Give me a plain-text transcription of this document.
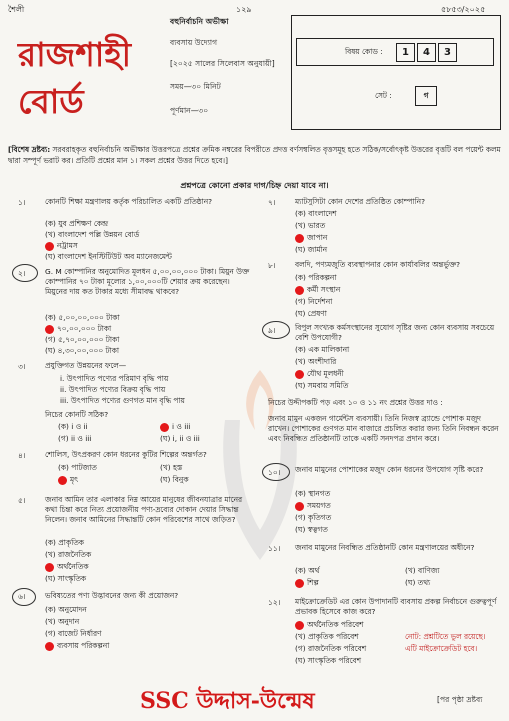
শৈলী	১২৯	৫৮৫৩/২০২৫
রাজশাহী
বোর্ড
বহুনির্বাচনি অভীক্ষা
ব্যবসায় উদ্যোগ
[২০২৫ সালের সিলেবাস অনুযায়ী]
সময়—৩০ মিনিট
পূর্ণমান—৩০
বিষয় কোড :	1	4	3
সেট :	গ
[বিশেষ দ্রষ্টব্য: সরবরাহকৃত বহুনির্বাচনি অভীক্ষার উত্তরপত্রে প্রশ্নের ক্রমিক নম্বরের বিপরীতে প্রদত্ত বর্ণসম্বলিত বৃত্তসমূহ হতে সঠিক/সর্বোৎকৃষ্ট উত্তরের বৃত্তটি বল পয়েন্ট কলম দ্বারা সম্পূর্ণ ভরাট কর। প্রতিটি প্রশ্নের মান ১। সকল প্রশ্নের উত্তর দিতে হবে।]
প্রশ্নপত্রে কোনো প্রকার দাগ/চিহ্ন দেয়া যাবে না।
১।	কোনটি শিক্ষা মন্ত্রণালয় কর্তৃক পরিচালিত একটি প্রতিষ্ঠান?
(ক) যুব প্রশিক্ষণ কেন্দ্র
(খ) বাংলাদেশ পল্লি উন্নয়ন বোর্ড
নট্রামস
(ঘ) বাংলাদেশ ইনস্টিটিউট অব ম্যানেজমেন্ট
২।	G. M কোম্পানির অনুমোদিত মূলধন ৫,০০,০০,০০০ টাকা। মিয়ুন উক্ত কোম্পানির ৭০ টাকা মূল্যের ১,০০,০০০টি শেয়ার ক্রয় করেছেন। মিয়ুনের দায় কত টাকার মধ্যে সীমাবদ্ধ থাকবে?
(ক) ৫,০০,০০,০০০ টাকা
৭০,০০,০০০ টাকা
(গ) ৫,৭০,০০,০০০ টাকা
(ঘ) ৪,৩০,০০,০০০ টাকা
৩।	প্রযুক্তিগত উন্নয়নের ফলে—
i. উৎপাদিত পণ্যের পরিমাণ বৃদ্ধি পায়
ii. উৎপাদিত পণ্যের বিক্রয় বৃদ্ধি পায়
iii. উৎপাদিত পণ্যের গুণগত মান বৃদ্ধি পায়
নিচের কোনটি সঠিক?
(ক) i ও ii	i ও iii
(গ) ii ও iii	(ঘ) i, ii ও iii
৪।	শোলিস, উৎপ্রকরণ কোন ধরনের কুটির শিল্পের অন্তর্গত?
(ক) পাটজাত	(খ) হস্ত
মৃৎ	(ঘ) বিনুক
৫।	জনাব আমিন তার এলাকার নিম্ন আয়ের মানুষের জীবনযাত্রার মানের কথা চিন্তা করে নিত্য প্রয়োজনীয় পণ্য-দ্রব্যের দোকান দেয়ার সিদ্ধান্ত নিলেন। জনাব আমিনের সিদ্ধান্তটি কোন পরিবেশের সাথে জড়িত?
(ক) প্রাকৃতিক
(খ) রাজনৈতিক
অর্থনৈতিক
(ঘ) সাংস্কৃতিক
৬।	ভবিষ্যতের পণ্য উদ্ভাবনের জন্য কী প্রয়োজন?
(ক) অনুমোদন
(খ) অনুদান
(গ) বাজেট নির্ধারণ
ব্যবসায় পরিকল্পনা
৭।	ম্যাটসুসিটা কোন দেশের প্রতিষ্ঠিত কোম্পানি?
(ক) বাংলাদেশ
(খ) ভারত
জাপান
(ঘ) জার্মান
৮।	বলদি, পণ্যমজুতি ব্যবস্থাপনার কোন কার্যাবলির অন্তর্ভুক্ত?
(ক) পরিকল্পনা
কর্মী সংস্থান
(গ) নির্দেশনা
(ঘ) প্রেষণা
৯।	বিপুল সংখ্যক কর্মসংস্থানের সুযোগ সৃষ্টির জন্য কোন ব্যবসায় সবচেয়ে বেশি উপযোগী?
(ক) এক মালিকানা
(খ) অংশীদারি
যৌথ মূলধনী
(ঘ) সমবায় সমিতি
নিচের উদ্দীপকটি পড় এবং ১০ ও ১১ নং প্রশ্নের উত্তর দাও :
জনাব মামুন একজন গার্মেন্টস ব্যবসায়ী। তিনি নিজস্ব ব্র্যান্ডে পোশাক মজুদ রাখেন। পোশাকের গুণগত মান বাজারে প্রচলিত করার জন্য তিনি নিবন্ধন করেন এবং নিবন্ধিত প্রতিষ্ঠানটি তাকে একটি সনদপত্র প্রদান করে।
১০। জনাব মামুনের পোশাকের মজুদ কোন ধরনের উপযোগ সৃষ্টি করে?
(ক) স্থানগত
সময়গত
(গ) কৃতিগত
(ঘ) স্বত্বগত
১১। জনাব মামুনের নিবন্ধিত প্রতিষ্ঠানটি কোন মন্ত্রণালয়ের অধীনে?
(ক) অর্থ	(খ) বাণিজ্য
শিল্প	(ঘ) তথ্য
১২। মাইক্রোক্রেডিট এর কোন উপাদানটি ব্যবসায় প্রকল্প নির্বাচনে গুরুত্বপূর্ণ প্রভাবক হিসেবে কাজ করে?
অর্থনৈতিক পরিবেশ
(খ) প্রাকৃতিক পরিবেশ
(গ) রাজনৈতিক পরিবেশ
(ঘ) সাংস্কৃতিক পরিবেশ
নোট: প্রশ্নটিতে ভুল রয়েছে।
এটি মাইক্রোক্রেডিট হবে।
SSC উদ্দাস-উন্মেষ	[পর পৃষ্ঠা দ্রষ্টব্য
